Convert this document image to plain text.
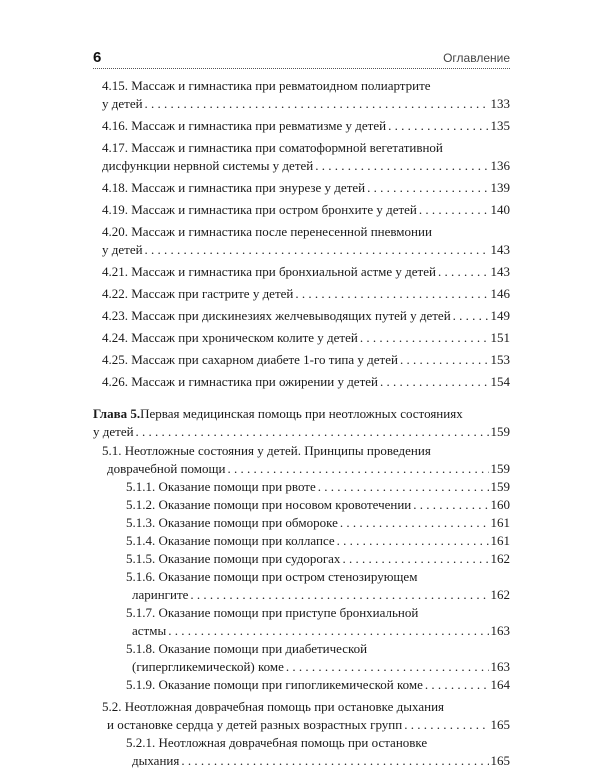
6	Оглавление
4.15. Массаж и гимнастика при ревматоидном полиартрите
у детей . . .	133
4.16. Массаж и гимнастика при ревматизме у детей . . .	135
4.17. Массаж и гимнастика при соматоформной вегетативной
дисфункции нервной системы у детей . . .	136
4.18. Массаж и гимнастика при энурезе у детей . . .	139
4.19. Массаж и гимнастика при остром бронхите у детей . . .	140
4.20. Массаж и гимнастика после перенесенной пневмонии
у детей . . .	143
4.21. Массаж и гимнастика при бронхиальной астме у детей . . .	143
4.22. Массаж при гастрите у детей . . .	146
4.23. Массаж при дискинезиях желчевыводящих путей у детей . . .	149
4.24. Массаж при хроническом колите у детей . . .	151
4.25. Массаж при сахарном диабете 1-го типа у детей . . .	153
4.26. Массаж и гимнастика при ожирении у детей . . .	154
Глава 5. Первая медицинская помощь при неотложных состояниях
у детей . . .	159
5.1. Неотложные состояния у детей. Принципы проведения
доврачебной помощи . . .	159
5.1.1. Оказание помощи при рвоте . . .	159
5.1.2. Оказание помощи при носовом кровотечении . . .	160
5.1.3. Оказание помощи при обмороке . . .	161
5.1.4. Оказание помощи при коллапсе . . .	161
5.1.5. Оказание помощи при судорогах . . .	162
5.1.6. Оказание помощи при остром стенозирующем
ларингите . . .	162
5.1.7. Оказание помощи при приступе бронхиальной
астмы . . .	163
5.1.8. Оказание помощи при диабетической
(гипергликемической) коме . . .	163
5.1.9. Оказание помощи при гипогликемической коме . . .	164
5.2. Неотложная доврачебная помощь при остановке дыхания
и остановке сердца у детей разных возрастных групп . . .	165
5.2.1. Неотложная доврачебная помощь при остановке
дыхания . . .	165
